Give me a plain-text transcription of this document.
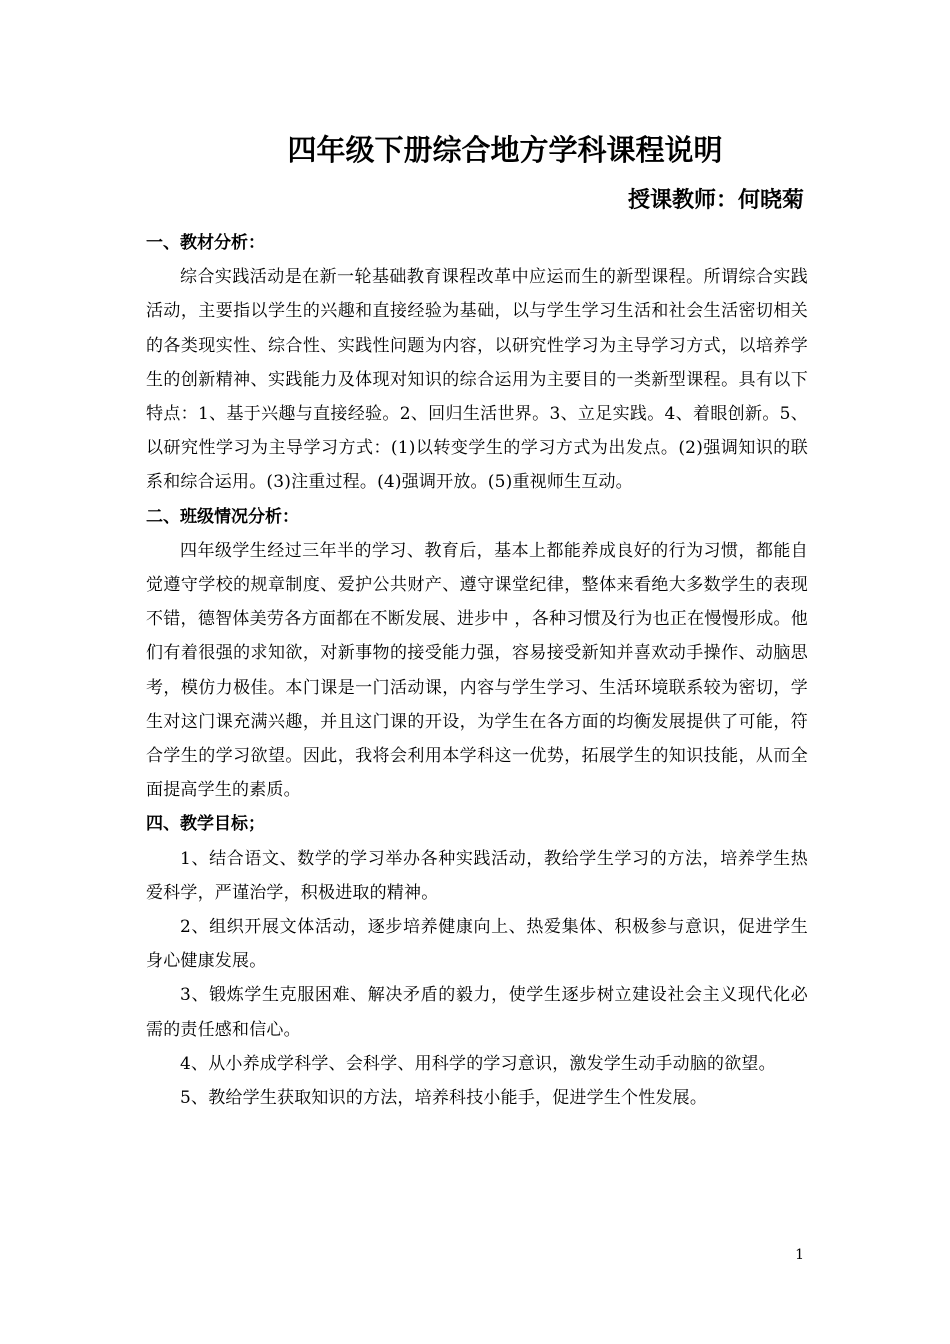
四年级下册综合地方学科课程说明

授课教师：何晓菊

一、教材分析：

综合实践活动是在新一轮基础教育课程改革中应运而生的新型课程。所谓综合实践活动，主要指以学生的兴趣和直接经验为基础，以与学生学习生活和社会生活密切相关的各类现实性、综合性、实践性问题为内容，以研究性学习为主导学习方式，以培养学生的创新精神、实践能力及体现对知识的综合运用为主要目的一类新型课程。具有以下特点：1、基于兴趣与直接经验。2、回归生活世界。3、立足实践。4、着眼创新。5、以研究性学习为主导学习方式：(1)以转变学生的学习方式为出发点。(2)强调知识的联系和综合运用。(3)注重过程。(4)强调开放。(5)重视师生互动。

二、班级情况分析：

四年级学生经过三年半的学习、教育后，基本上都能养成良好的行为习惯，都能自觉遵守学校的规章制度、爱护公共财产、遵守课堂纪律，整体来看绝大多数学生的表现不错，德智体美劳各方面都在不断发展、进步中 ，各种习惯及行为也正在慢慢形成。他们有着很强的求知欲，对新事物的接受能力强，容易接受新知并喜欢动手操作、动脑思考，模仿力极佳。本门课是一门活动课，内容与学生学习、生活环境联系较为密切，学生对这门课充满兴趣，并且这门课的开设，为学生在各方面的均衡发展提供了可能，符合学生的学习欲望。因此，我将会利用本学科这一优势，拓展学生的知识技能，从而全面提高学生的素质。

四、教学目标；

1、结合语文、数学的学习举办各种实践活动，教给学生学习的方法，培养学生热爱科学，严谨治学，积极进取的精神。

2、组织开展文体活动，逐步培养健康向上、热爱集体、积极参与意识，促进学生身心健康发展。

3、锻炼学生克服困难、解决矛盾的毅力，使学生逐步树立建设社会主义现代化必需的责任感和信心。

4、从小养成学科学、会科学、用科学的学习意识，激发学生动手动脑的欲望。

5、教给学生获取知识的方法，培养科技小能手，促进学生个性发展。

1
